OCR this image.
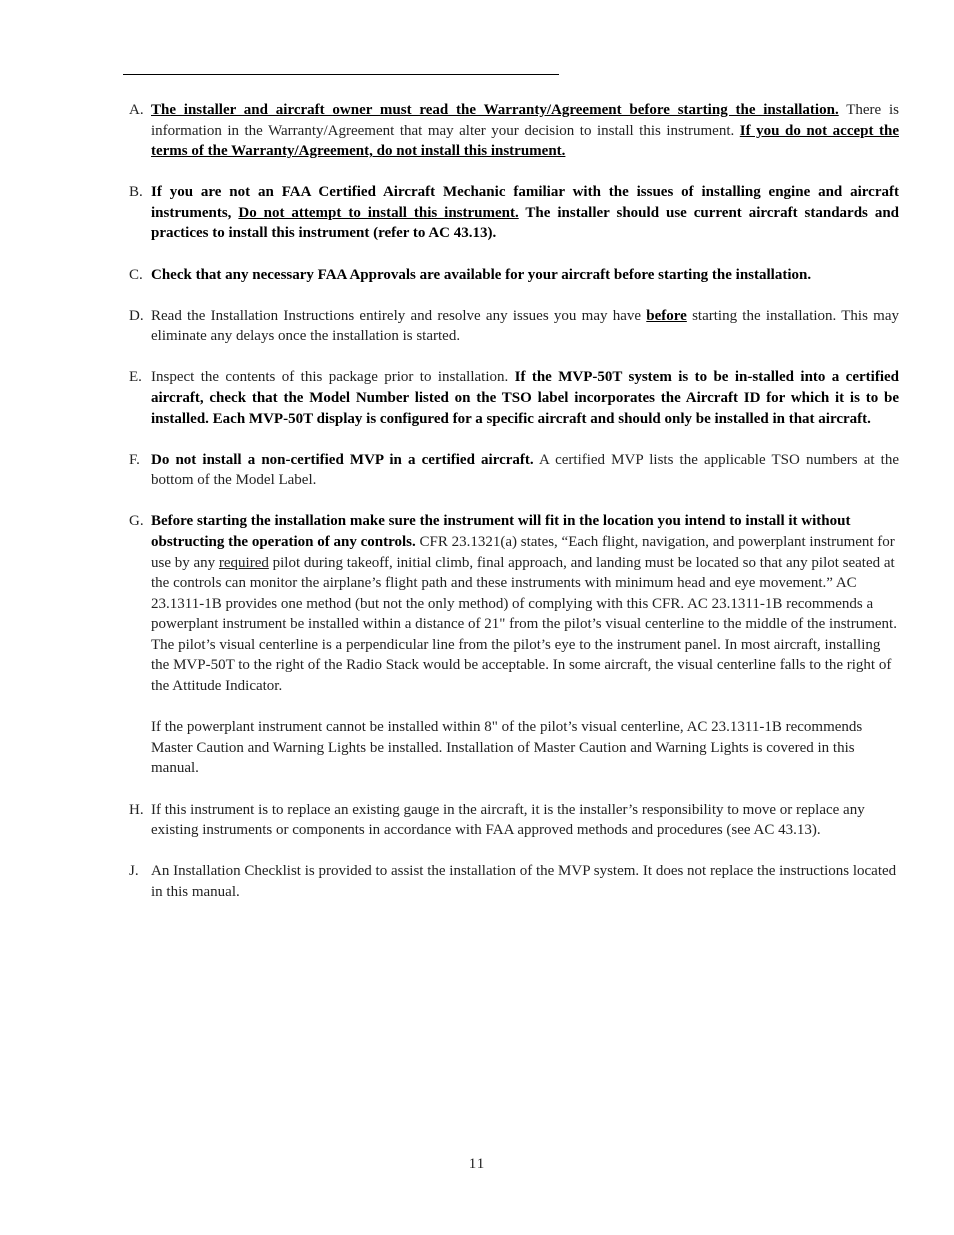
A. The installer and aircraft owner must read the Warranty/Agreement before starting the installation. There is information in the Warranty/Agreement that may alter your decision to install this instrument. If you do not accept the terms of the Warranty/Agreement, do not install this instrument.

B. If you are not an FAA Certified Aircraft Mechanic familiar with the issues of installing engine and aircraft instruments, Do not attempt to install this instrument. The installer should use current aircraft standards and practices to install this instrument (refer to AC 43.13).

C. Check that any necessary FAA Approvals are available for your aircraft before starting the installation.

D. Read the Installation Instructions entirely and resolve any issues you may have before starting the installation. This may eliminate any delays once the installation is started.

E. Inspect the contents of this package prior to installation. If the MVP-50T system is to be in-stalled into a certified aircraft, check that the Model Number listed on the TSO label incorporates the Aircraft ID for which it is to be installed. Each MVP-50T display is configured for a specific aircraft and should only be installed in that aircraft.

F. Do not install a non-certified MVP in a certified aircraft. A certified MVP lists the applicable TSO numbers at the bottom of the Model Label.

G. Before starting the installation make sure the instrument will fit in the location you intend to install it without obstructing the operation of any controls. CFR 23.1321(a) states, “Each flight, navigation, and powerplant instrument for use by any required pilot during takeoff, initial climb, final approach, and landing must be located so that any pilot seated at the controls can monitor the airplane’s flight path and these instruments with minimum head and eye movement.” AC 23.1311-1B provides one method (but not the only method) of complying with this CFR. AC 23.1311-1B recommends a powerplant instrument be installed within a distance of 21" from the pilot’s visual centerline to the middle of the instrument. The pilot’s visual centerline is a perpendicular line from the pilot’s eye to the instrument panel. In most aircraft, installing the MVP-50T to the right of the Radio Stack would be acceptable. In some aircraft, the visual centerline falls to the right of the Attitude Indicator.

If the powerplant instrument cannot be installed within 8" of the pilot’s visual centerline, AC 23.1311-1B recommends Master Caution and Warning Lights be installed. Installation of Master Caution and Warning Lights is covered in this manual.

H. If this instrument is to replace an existing gauge in the aircraft, it is the installer’s responsibility to move or replace any existing instruments or components in accordance with FAA approved methods and procedures (see AC 43.13).

J. An Installation Checklist is provided to assist the installation of the MVP system. It does not replace the instructions located in this manual.

11
